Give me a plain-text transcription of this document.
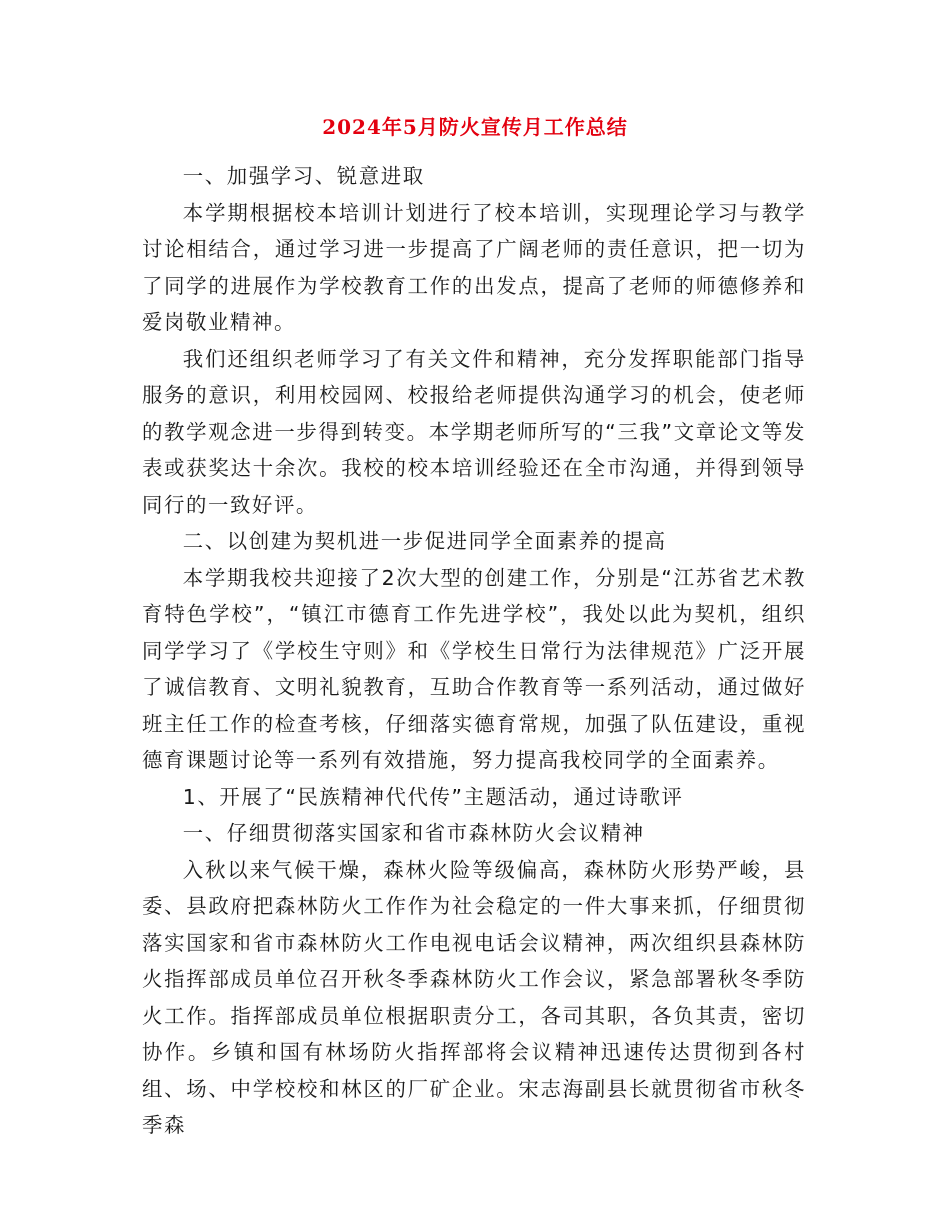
2024年5月防火宣传月工作总结

一、加强学习、锐意进取

本学期根据校本培训计划进行了校本培训，实现理论学习与教学讨论相结合，通过学习进一步提高了广阔老师的责任意识，把一切为了同学的进展作为学校教育工作的出发点，提高了老师的师德修养和爱岗敬业精神。

我们还组织老师学习了有关文件和精神，充分发挥职能部门指导服务的意识，利用校园网、校报给老师提供沟通学习的机会，使老师的教学观念进一步得到转变。本学期老师所写的“三我”文章论文等发表或获奖达十余次。我校的校本培训经验还在全市沟通，并得到领导同行的一致好评。

二、以创建为契机进一步促进同学全面素养的提高

本学期我校共迎接了2次大型的创建工作，分别是“江苏省艺术教育特色学校”，“镇江市德育工作先进学校”，我处以此为契机，组织同学学习了《学校生守则》和《学校生日常行为法律规范》广泛开展了诚信教育、文明礼貌教育，互助合作教育等一系列活动，通过做好班主任工作的检查考核，仔细落实德育常规，加强了队伍建设，重视德育课题讨论等一系列有效措施，努力提高我校同学的全面素养。

1、开展了“民族精神代代传”主题活动，通过诗歌评

一、仔细贯彻落实国家和省市森林防火会议精神

入秋以来气候干燥，森林火险等级偏高，森林防火形势严峻，县委、县政府把森林防火工作作为社会稳定的一件大事来抓，仔细贯彻落实国家和省市森林防火工作电视电话会议精神，两次组织县森林防火指挥部成员单位召开秋冬季森林防火工作会议，紧急部署秋冬季防火工作。指挥部成员单位根据职责分工，各司其职，各负其责，密切协作。乡镇和国有林场防火指挥部将会议精神迅速传达贯彻到各村组、场、中学校校和林区的厂矿企业。宋志海副县长就贯彻省市秋冬季森
